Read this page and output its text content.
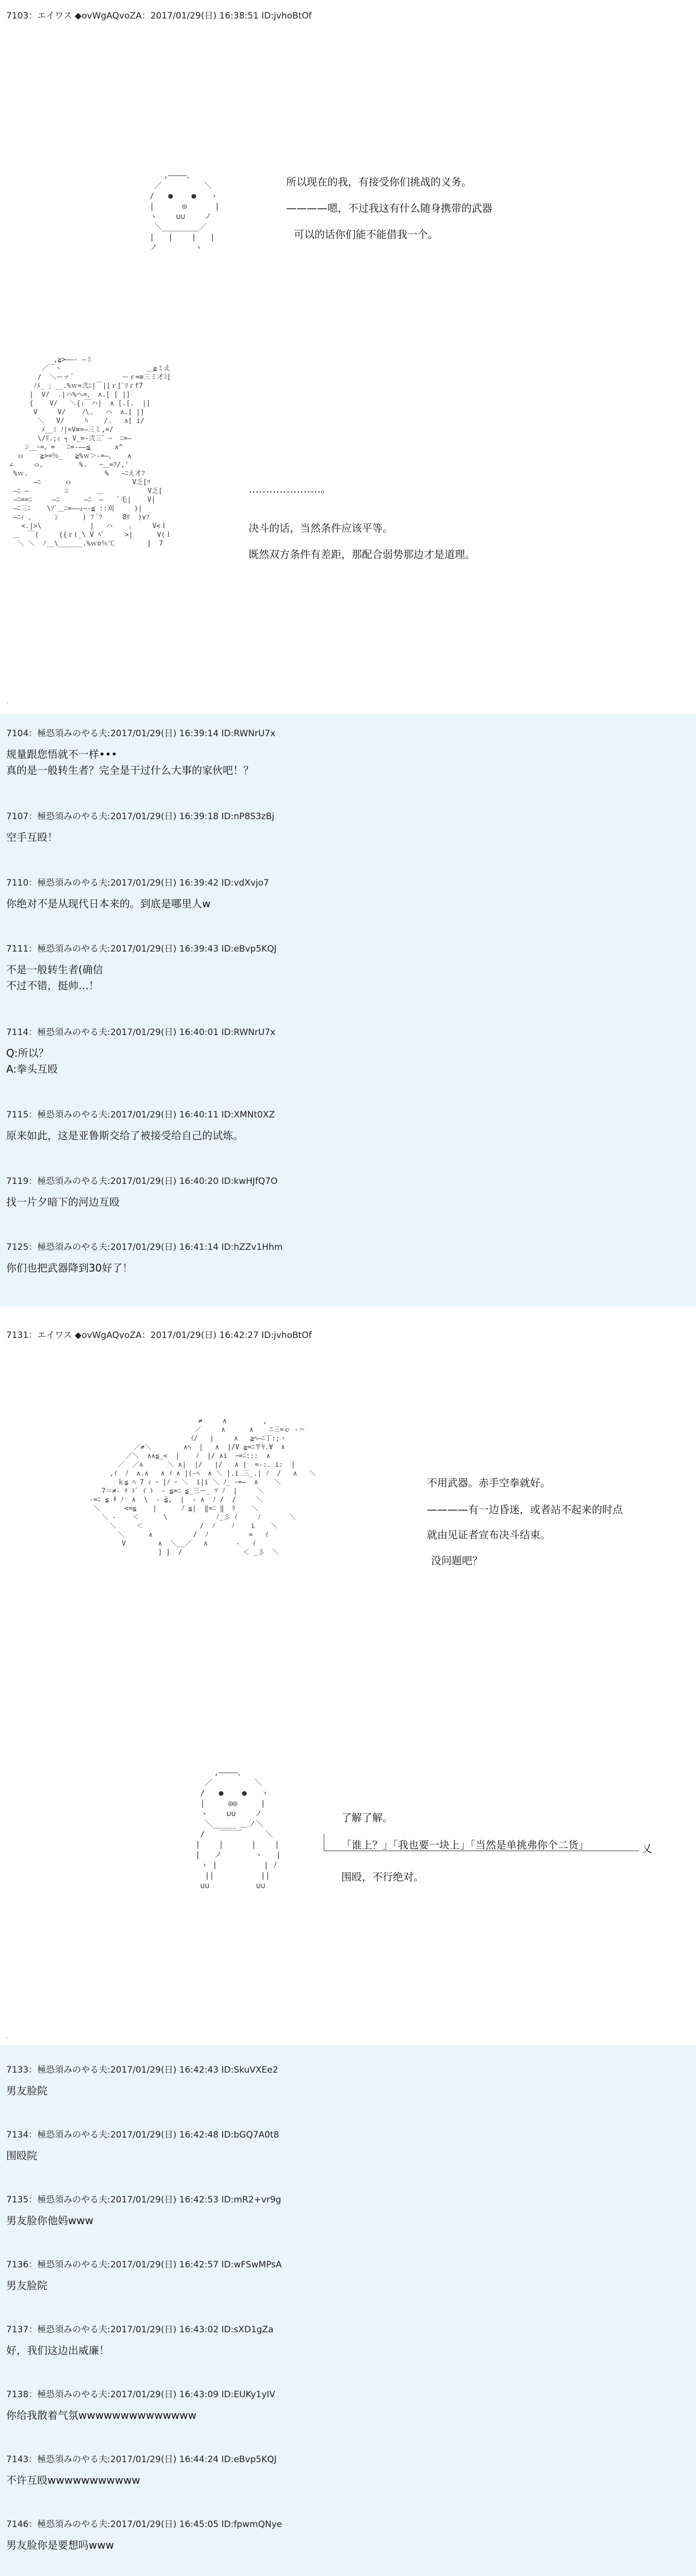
7103：エイワス ◆ovWgAQvoZA：2017/01/29(日) 16:38:51 ID:jvhoBtOf
,――――、
／         ＼
/   ●    ●   ヽ
|      ◎      |
ヽ    ∪∪    ノ
＼________／
|   |    |   |
ノ        ヽ
所以现在的我，有接受你们挑战的义务。
————嗯，不过我这有什么随身携带的武器
可以的话你们能不能借我一个。
,≧>――‐ ―ミ
／￣ヽ                     ＿≧ミえ
/  ＼ーァ´            ーｒ=≡三ミ才ﾐ[
ﾉﾒ_ 」__.%ｗ=弐ﾆ|￣|[ｒ[ﾟﾘｒf7
|  V/  .|ハ%ヘ=、 ∧.[ [ |]
{    V/   ＼{:￣ハ|  ∧ [.[.  |]
V     V/    ﾉ\.   ハ  ∧.[ |]
＼   V/     ﾊ    /.   ∧[ i/
ﾒ__ﾐ ﾉ|=V≡=―三ミ,=/
\/ﾘ.;ｨ ┐ V_=‐弐三゜ｰ  ﾆ=―
ﾝ__ｰ=、=   ﾆ=‐――≦      ∧^
ｏ    ≧>=％_   ≧%ｗ＞‐=―、   ∧
∠     ｏ。        %.   ｰ＿=ﾌ/,'
%ｗ.                   %   ―ﾆえ才ﾌ
―ﾆ      ｏ               V乏[ﾂ
―ﾆ ―         ﾆ       ＿           V乏[
―ﾆ==ﾆ     ―ﾆ      ―ﾆ  ―    ﾟ毛|    V|
―ﾆ三ﾆ    \ｿﾞ＿ﾆ=――ｪ―‐≦ ::刈     )|
―ﾆｨ 、     ﾝ      ) ﾌ ﾞﾌ     8ﾘ  )∨ﾌ
<.|>\            |   ハ    ｡     V<ｌ
＿  ￣(     {{ｒ(_\ V ﾍﾞ     >|      V(ｌ
＼ ＼  ﾉ__\______.%ｗo％℃        ]  7
…………………。
决斗的话，当然条件应该平等。
既然双方条件有差距，那配合弱势那边才是道理。
.
7104：極恐須みのやる夫:2017/01/29(日) 16:39:14 ID:RWNrU7x
规量跟您悟就不一样•••
真的是一般转生者？完全是干过什么大事的家伙吧！？
7107：極恐須みのやる夫:2017/01/29(日) 16:39:18 ID:nP8S3zBj
空手互殴！
7110：極恐須みのやる夫:2017/01/29(日) 16:39:42 ID:vdXvjo7
你绝对不是从现代日本来的。到底是哪里人w
7111：極恐須みのやる夫:2017/01/29(日) 16:39:43 ID:eBvp5KQJ
不是一般转生者(确信
不过不错，挺帅…！
7114：極恐須みのやる夫:2017/01/29(日) 16:40:01 ID:RWNrU7x
Q:所以？
A:拳头互殴
7115：極恐須みのやる夫:2017/01/29(日) 16:40:11 ID:XMNt0XZ
原来如此，这是亚鲁斯交给了被接受给自己的试炼。
7119：極恐須みのやる夫:2017/01/29(日) 16:40:20 ID:kwHJfQ7O
找一片夕暗下的河边互殴
7125：極恐須みのやる夫:2017/01/29(日) 16:41:14 ID:hZZv1Hhm
你们也把武器降到30好了！
7131：エイワス ◆ovWgAQvoZA：2017/01/29(日) 16:42:27 ID:jvhoBtOf
≠     ∧         ,
／     ∧      ∧    ﾆ三=ｅ ‐＝
ｲ/   |     ∧   ≧ﾍ―ﾆ丁:;ヽ
／≠＼        ∧ﾍ  |   ∧  |/V ≧=ﾆ〒ﾔ.∀  ∧
／＼  ∧∧≦_<  |    ﾉ  |/ ∧i  ｰ=ﾆ:::  ∧
／  ／∧      ＼ ∧|  |/   |/   ∧ |  =-:. i:  |
,ｲ  ﾉ  ∧.∧   ∧ ｲ ∧ |(‐ﾍ  ∧ ＼ |.i 三_.| ﾉ  /   ∧   ＼
ｋ≦ ﾍ 7 ｨ ｰ |ﾉ ｰ ＼  i|i ＼ ﾉ_ ｰ=―  ∧    ＼
7＝≠‐ ﾁ ﾄﾞ ｲ ﾄ  ‐ ≦=ﾆ ≦_三ー_ ﾂ ﾉ  |     ＼
‐=ﾆ ≦ ﾀ ﾉ  ∧  \  ‐ ̄≦,  |  ‐ ∧  ﾉ /  /     ＼
＼      <=≦    |      ﾉ ≦|  ‖=ﾆ ‖  ﾘ    ＼
＼ ‐    ＜      \            ﾉ_彡 ｲ     ﾉ       ＼
＼     ＜              /  ﾉ    ﾉ    i    ＼
＼      ∧          /  ﾉ          =   ｲ
V        ∧  ＼__／   ∧       ‐   ｲ
] ]  /               ＜ _彡  ＼
不用武器。赤手空拳就好。
————有一边昏迷，或者站不起来的时点
就由见证者宣布决斗结束。
没问题吧？
,――――、
／         ＼
/   ●    ●   ヽ
|     ◎◎     |
ヽ    ∪∪    ノ
＼_____ ＿ノ＼
/   ￣￣￣     ＼
|    |      |    |
|   ノ       ヽ   |
ヽ |          | ﾉ
||          ||
∪∪          ∪∪
了解了解。
「谁上？」「我也要一块上」「当然是单挑弗你个二货」	乂
围殴，不行绝对。
.
7133：極恐須みのやる夫:2017/01/29(日) 16:42:43 ID:SkuVXEe2
男友脸院
7134：極恐須みのやる夫:2017/01/29(日) 16:42:48 ID:bGQ7A0t8
围殴院
7135：極恐須みのやる夫:2017/01/29(日) 16:42:53 ID:mR2+vr9g
男友脸你他妈www
7136：極恐須みのやる夫:2017/01/29(日) 16:42:57 ID:wFSwMPsA
男友脸院
7137：極恐須みのやる夫:2017/01/29(日) 16:43:02 ID:sXD1gZa
好，我们这边出威廉！
7138：極恐須みのやる夫:2017/01/29(日) 16:43:09 ID:EUKy1yIV
你给我散着气氛wwwwwwwwwwwwww
7143：極恐須みのやる夫:2017/01/29(日) 16:44:24 ID:eBvp5KQJ
不许互殴wwwwwwwwwww
7146：極恐須みのやる夫:2017/01/29(日) 16:45:05 ID:fpwmQNye
男友脸你是要想吗www
